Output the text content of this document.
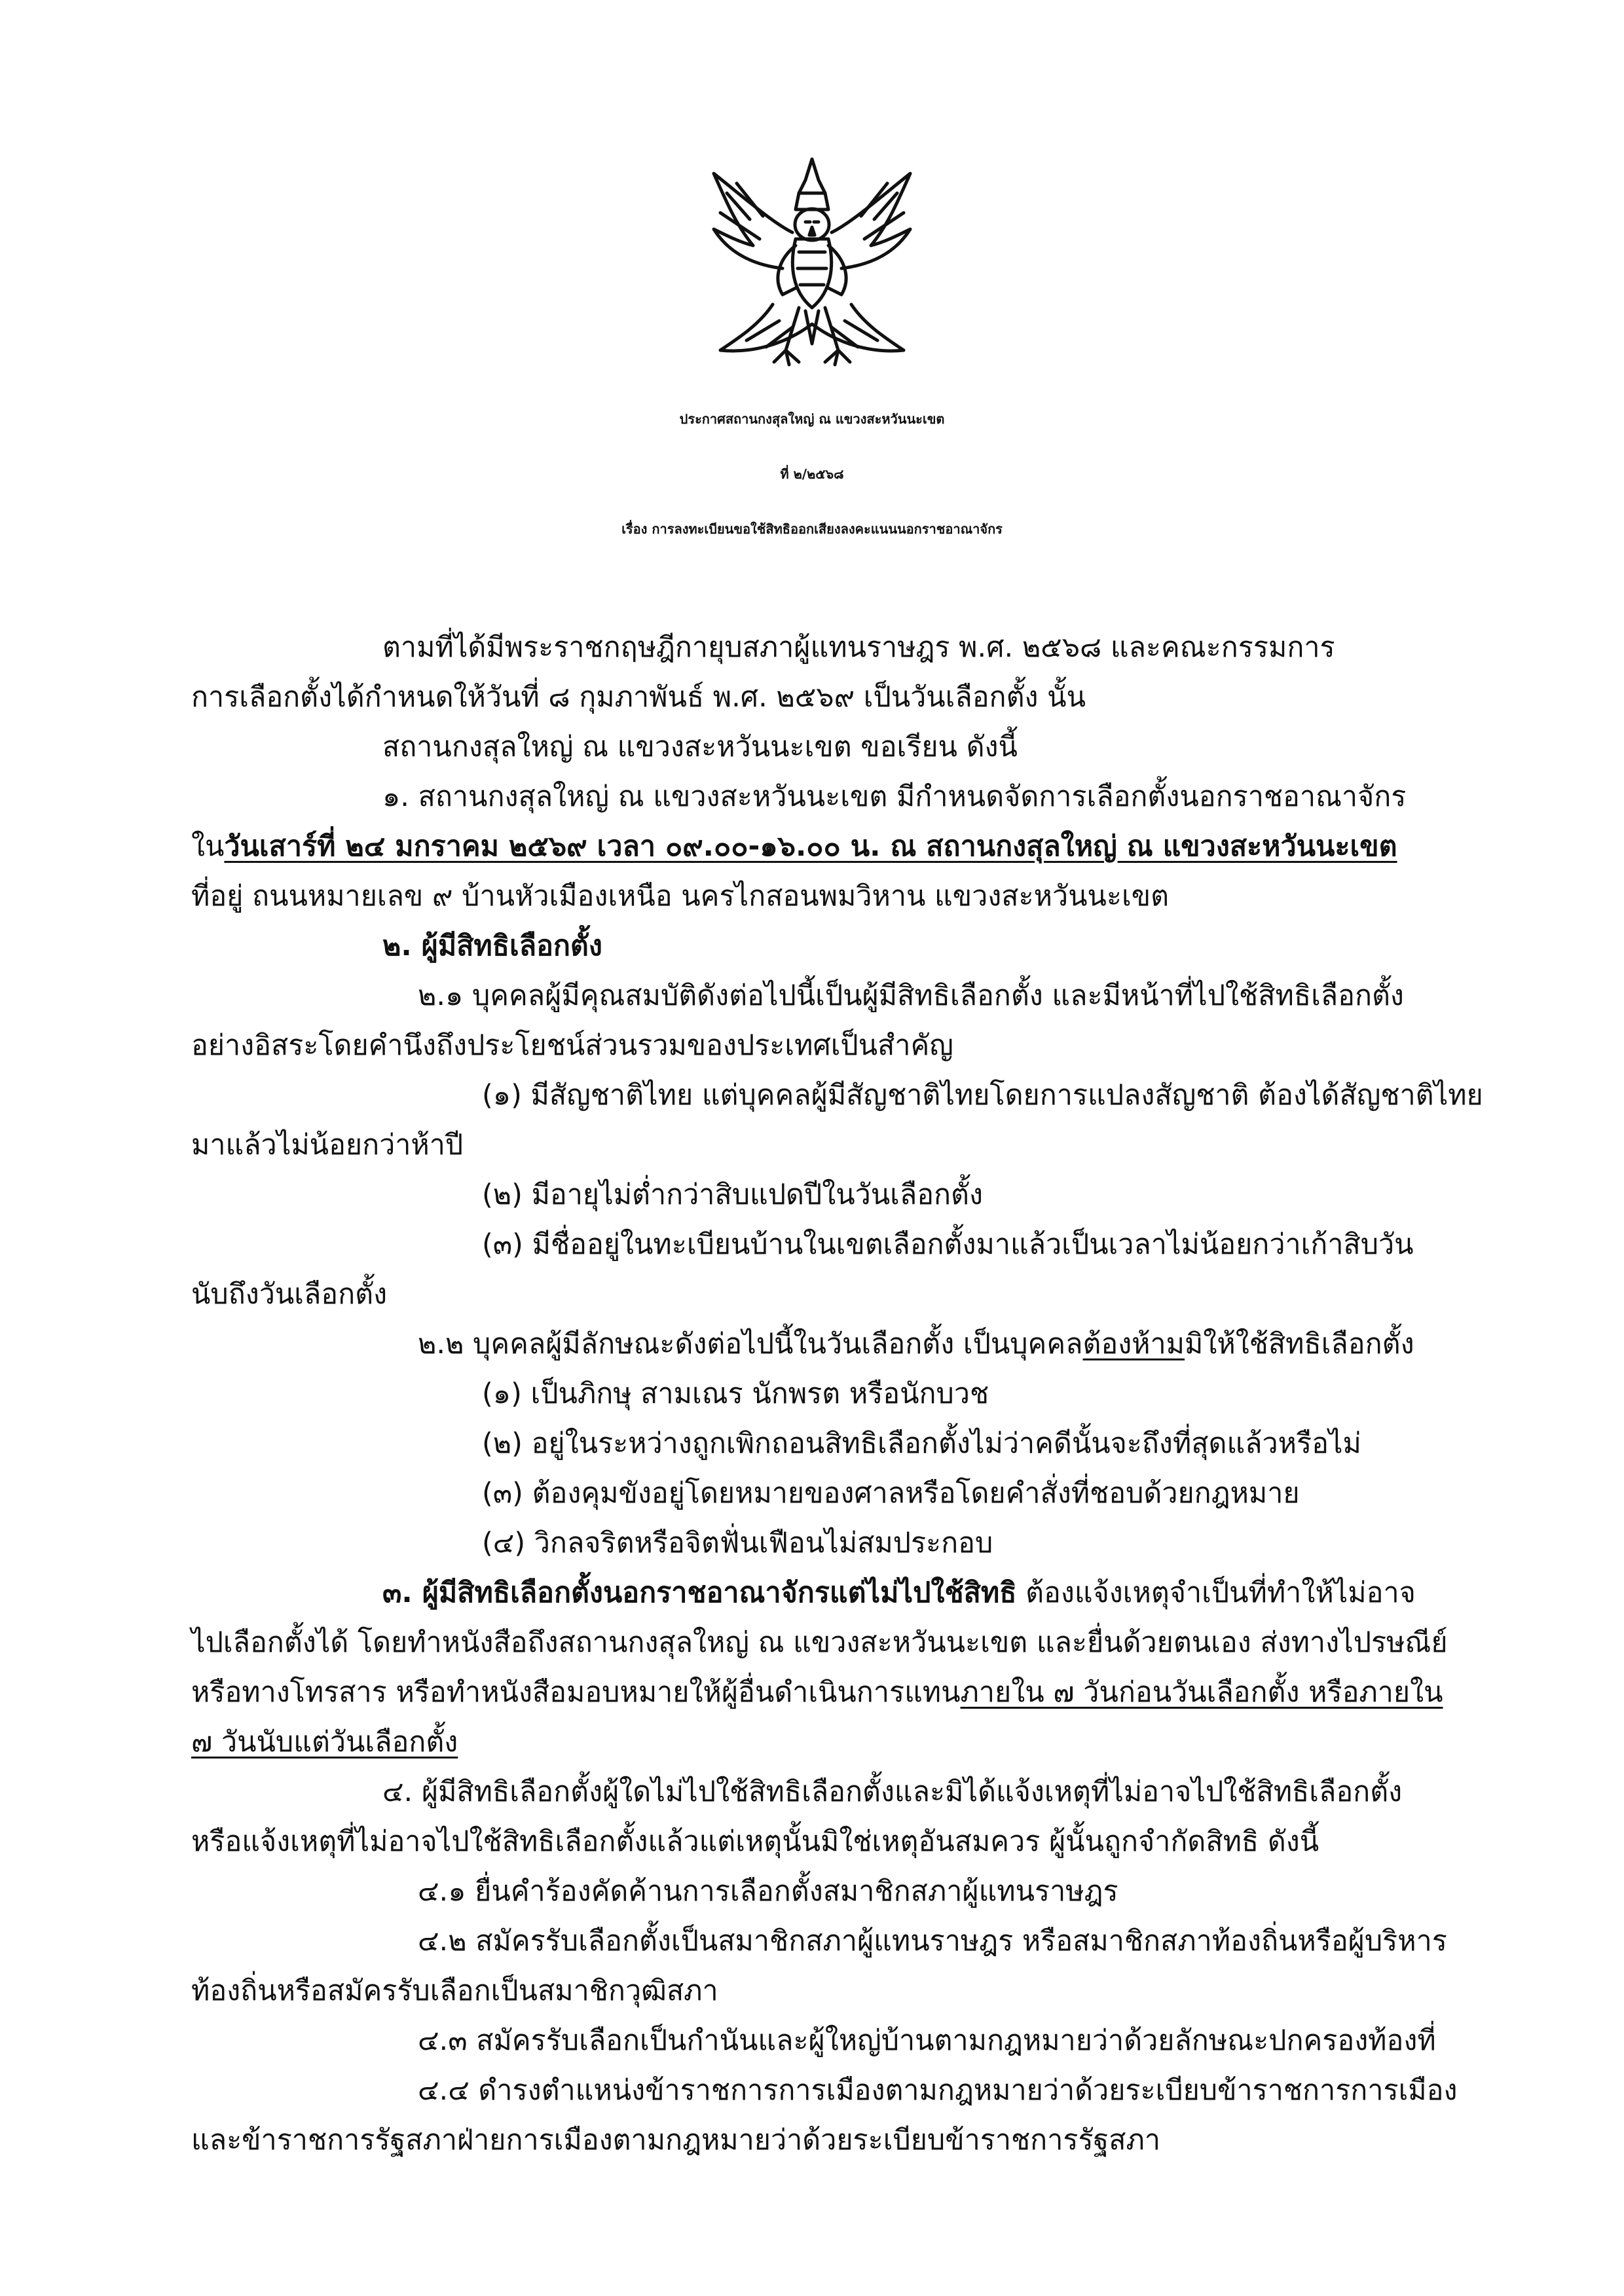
ประกาศสถานกงสุลใหญ่ ณ แขวงสะหวันนะเขต
ที่ ๒/๒๕๖๘
เรื่อง การลงทะเบียนขอใช้สิทธิออกเสียงลงคะแนนนอกราชอาณาจักร
ตามที่ได้มีพระราชกฤษฎีกายุบสภาผู้แทนราษฎร พ.ศ. ๒๕๖๘ และคณะกรรมการ
การเลือกตั้งได้กำหนดให้วันที่ ๘ กุมภาพันธ์ พ.ศ. ๒๕๖๙ เป็นวันเลือกตั้ง นั้น
สถานกงสุลใหญ่ ณ แขวงสะหวันนะเขต ขอเรียน ดังนี้
๑. สถานกงสุลใหญ่ ณ แขวงสะหวันนะเขต มีกำหนดจัดการเลือกตั้งนอกราชอาณาจักร
ในวันเสาร์ที่ ๒๔ มกราคม ๒๕๖๙ เวลา ๐๙.๐๐-๑๖.๐๐ น. ณ สถานกงสุลใหญ่ ณ แขวงสะหวันนะเขต
ที่อยู่ ถนนหมายเลข ๙ บ้านหัวเมืองเหนือ นครไกสอนพมวิหาน แขวงสะหวันนะเขต
๒. ผู้มีสิทธิเลือกตั้ง
๒.๑ บุคคลผู้มีคุณสมบัติดังต่อไปนี้เป็นผู้มีสิทธิเลือกตั้ง และมีหน้าที่ไปใช้สิทธิเลือกตั้ง
อย่างอิสระโดยคำนึงถึงประโยชน์ส่วนรวมของประเทศเป็นสำคัญ
(๑) มีสัญชาติไทย แต่บุคคลผู้มีสัญชาติไทยโดยการแปลงสัญชาติ ต้องได้สัญชาติไทย
มาแล้วไม่น้อยกว่าห้าปี
(๒) มีอายุไม่ต่ำกว่าสิบแปดปีในวันเลือกตั้ง
(๓) มีชื่ออยู่ในทะเบียนบ้านในเขตเลือกตั้งมาแล้วเป็นเวลาไม่น้อยกว่าเก้าสิบวัน
นับถึงวันเลือกตั้ง
๒.๒ บุคคลผู้มีลักษณะดังต่อไปนี้ในวันเลือกตั้ง เป็นบุคคลต้องห้ามมิให้ใช้สิทธิเลือกตั้ง
(๑) เป็นภิกษุ สามเณร นักพรต หรือนักบวช
(๒) อยู่ในระหว่างถูกเพิกถอนสิทธิเลือกตั้งไม่ว่าคดีนั้นจะถึงที่สุดแล้วหรือไม่
(๓) ต้องคุมขังอยู่โดยหมายของศาลหรือโดยคำสั่งที่ชอบด้วยกฎหมาย
(๔) วิกลจริตหรือจิตฟั่นเฟือนไม่สมประกอบ
๓. ผู้มีสิทธิเลือกตั้งนอกราชอาณาจักรแต่ไม่ไปใช้สิทธิ ต้องแจ้งเหตุจำเป็นที่ทำให้ไม่อาจ
ไปเลือกตั้งได้ โดยทำหนังสือถึงสถานกงสุลใหญ่ ณ แขวงสะหวันนะเขต และยื่นด้วยตนเอง ส่งทางไปรษณีย์
หรือทางโทรสาร หรือทำหนังสือมอบหมายให้ผู้อื่นดำเนินการแทนภายใน ๗ วันก่อนวันเลือกตั้ง หรือภายใน
๗ วันนับแต่วันเลือกตั้ง
๔. ผู้มีสิทธิเลือกตั้งผู้ใดไม่ไปใช้สิทธิเลือกตั้งและมิได้แจ้งเหตุที่ไม่อาจไปใช้สิทธิเลือกตั้ง
หรือแจ้งเหตุที่ไม่อาจไปใช้สิทธิเลือกตั้งแล้วแต่เหตุนั้นมิใช่เหตุอันสมควร ผู้นั้นถูกจำกัดสิทธิ ดังนี้
๔.๑ ยื่นคำร้องคัดค้านการเลือกตั้งสมาชิกสภาผู้แทนราษฎร
๔.๒ สมัครรับเลือกตั้งเป็นสมาชิกสภาผู้แทนราษฎร หรือสมาชิกสภาท้องถิ่นหรือผู้บริหาร
ท้องถิ่นหรือสมัครรับเลือกเป็นสมาชิกวุฒิสภา
๔.๓ สมัครรับเลือกเป็นกำนันและผู้ใหญ่บ้านตามกฎหมายว่าด้วยลักษณะปกครองท้องที่
๔.๔ ดำรงตำแหน่งข้าราชการการเมืองตามกฎหมายว่าด้วยระเบียบข้าราชการการเมือง
และข้าราชการรัฐสภาฝ่ายการเมืองตามกฎหมายว่าด้วยระเบียบข้าราชการรัฐสภา
